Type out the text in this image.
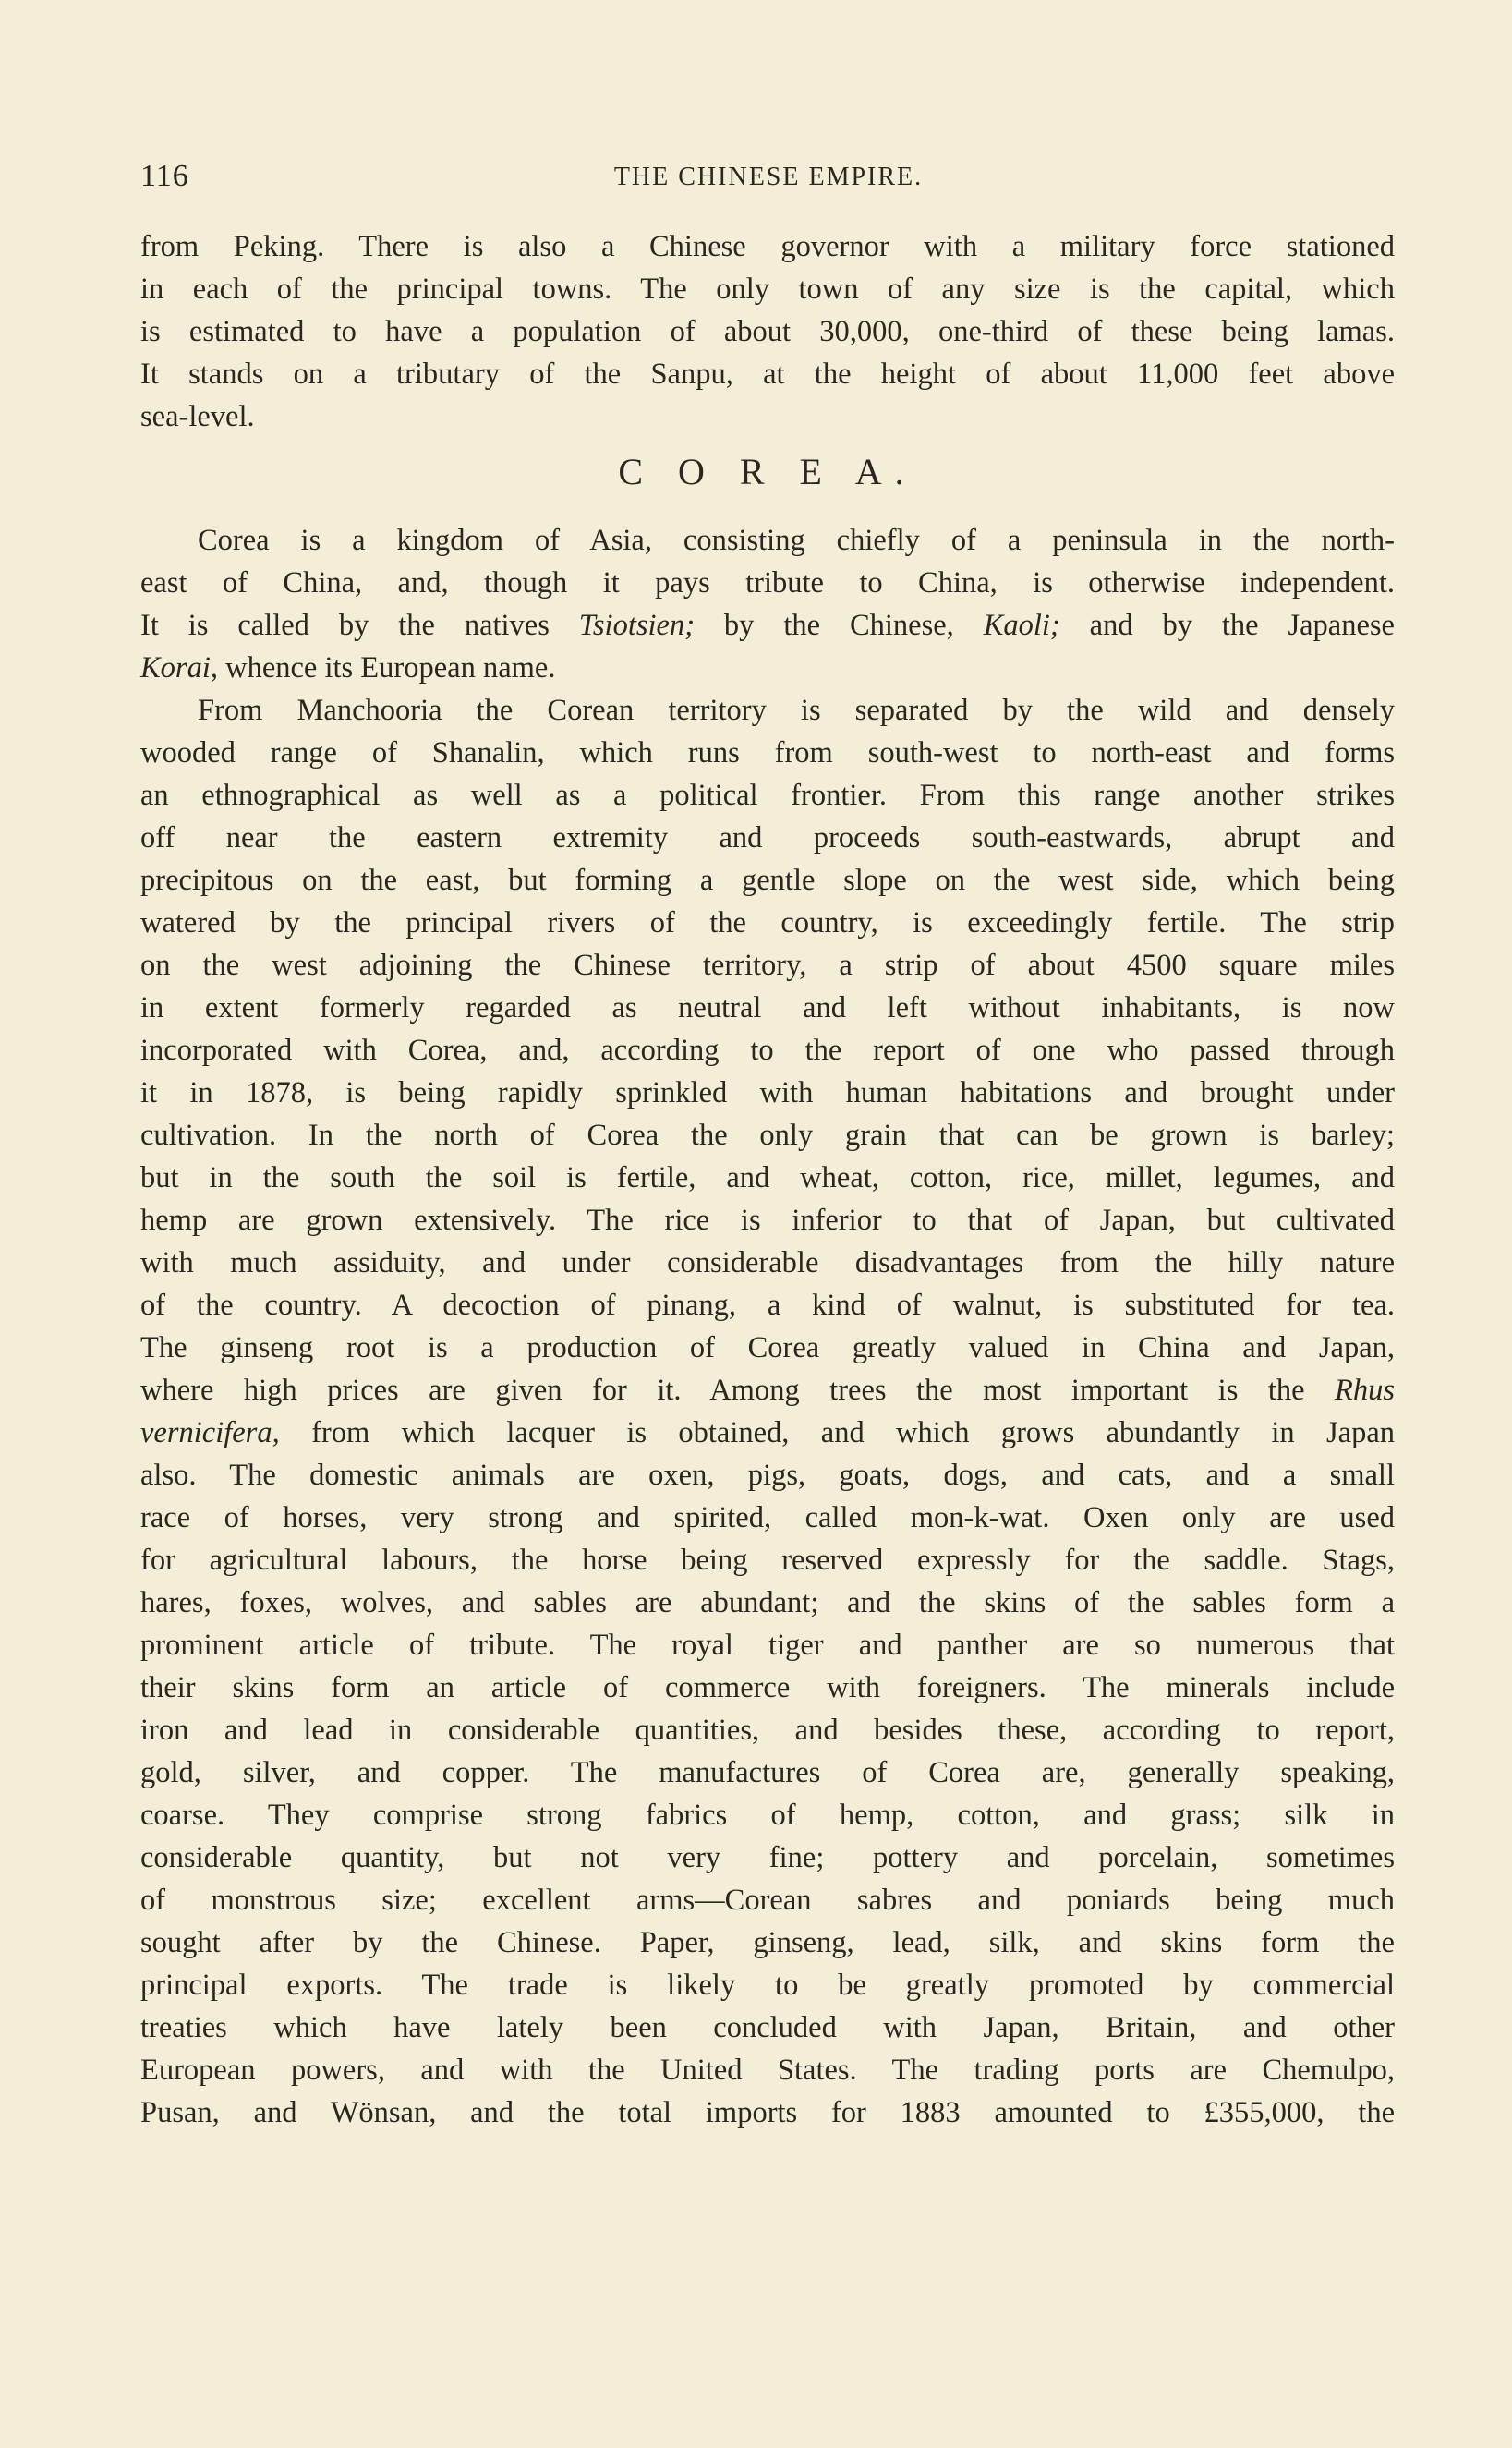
116	THE CHINESE EMPIRE.
from Peking. There is also a Chinese governor with a military force stationed
in each of the principal towns. The only town of any size is the capital, which
is estimated to have a population of about 30,000, one-third of these being lamas.
It stands on a tributary of the Sanpu, at the height of about 11,000 feet above
sea-level.
C O R E A.
Corea is a kingdom of Asia, consisting chiefly of a peninsula in the north-
east of China, and, though it pays tribute to China, is otherwise independent.
It is called by the natives Tsiotsien; by the Chinese, Kaoli; and by the Japanese
Korai, whence its European name.
From Manchooria the Corean territory is separated by the wild and densely
wooded range of Shanalin, which runs from south-west to north-east and forms
an ethnographical as well as a political frontier. From this range another strikes
off near the eastern extremity and proceeds south-eastwards, abrupt and
precipitous on the east, but forming a gentle slope on the west side, which being
watered by the principal rivers of the country, is exceedingly fertile. The strip
on the west adjoining the Chinese territory, a strip of about 4500 square miles
in extent formerly regarded as neutral and left without inhabitants, is now
incorporated with Corea, and, according to the report of one who passed through
it in 1878, is being rapidly sprinkled with human habitations and brought under
cultivation. In the north of Corea the only grain that can be grown is barley;
but in the south the soil is fertile, and wheat, cotton, rice, millet, legumes, and
hemp are grown extensively. The rice is inferior to that of Japan, but cultivated
with much assiduity, and under considerable disadvantages from the hilly nature
of the country. A decoction of pinang, a kind of walnut, is substituted for tea.
The ginseng root is a production of Corea greatly valued in China and Japan,
where high prices are given for it. Among trees the most important is the Rhus
vernicifera, from which lacquer is obtained, and which grows abundantly in Japan
also. The domestic animals are oxen, pigs, goats, dogs, and cats, and a small
race of horses, very strong and spirited, called mon-k-wat. Oxen only are used
for agricultural labours, the horse being reserved expressly for the saddle. Stags,
hares, foxes, wolves, and sables are abundant; and the skins of the sables form a
prominent article of tribute. The royal tiger and panther are so numerous that
their skins form an article of commerce with foreigners. The minerals include
iron and lead in considerable quantities, and besides these, according to report,
gold, silver, and copper. The manufactures of Corea are, generally speaking,
coarse. They comprise strong fabrics of hemp, cotton, and grass; silk in
considerable quantity, but not very fine; pottery and porcelain, sometimes
of monstrous size; excellent arms—Corean sabres and poniards being much
sought after by the Chinese. Paper, ginseng, lead, silk, and skins form the
principal exports. The trade is likely to be greatly promoted by commercial
treaties which have lately been concluded with Japan, Britain, and other
European powers, and with the United States. The trading ports are Chemulpo,
Pusan, and Wönsan, and the total imports for 1883 amounted to £355,000, the
